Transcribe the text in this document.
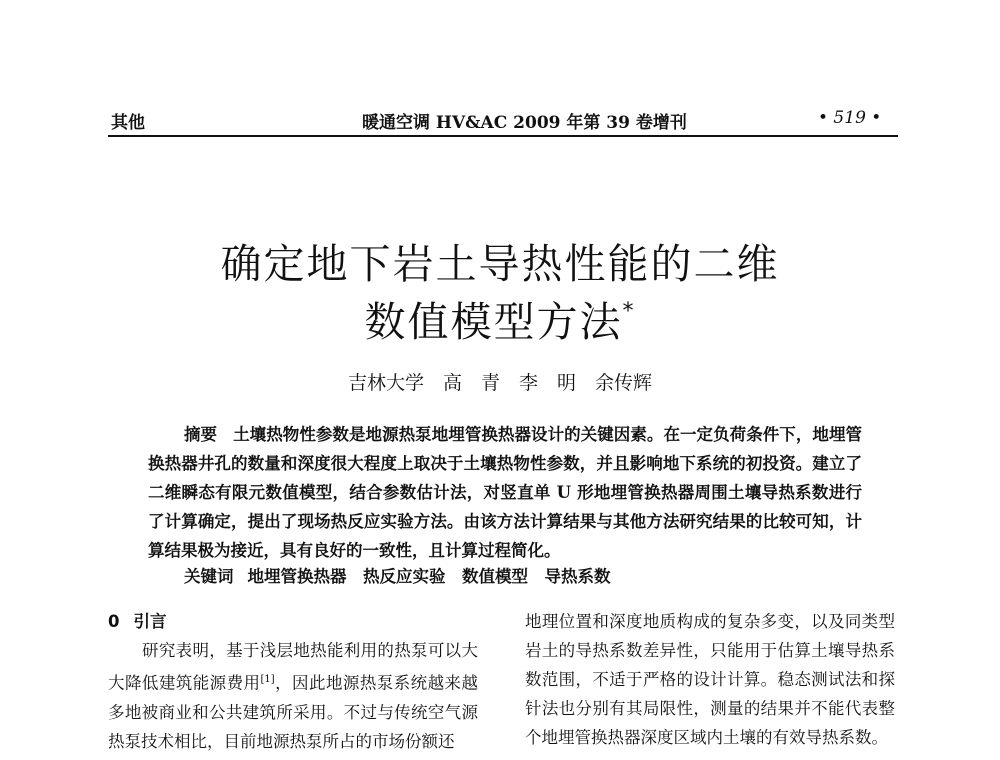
其他	暖通空调 HV&AC 2009 年第 39 卷增刊	• 519 •
确定地下岩土导热性能的二维
数值模型方法*
吉林大学　高　青　李　明　余传辉
摘要 土壤热物性参数是地源热泵地埋管换热器设计的关键因素。在一定负荷条件下，地埋管换热器井孔的数量和深度很大程度上取决于土壤热物性参数，并且影响地下系统的初投资。建立了二维瞬态有限元数值模型，结合参数估计法，对竖直单 U 形地埋管换热器周围土壤导热系数进行了计算确定，提出了现场热反应实验方法。由该方法计算结果与其他方法研究结果的比较可知，计算结果极为接近，具有良好的一致性，且计算过程简化。
关键词 地埋管换热器　热反应实验　数值模型　导热系数
0 引言
研究表明，基于浅层地热能利用的热泵可以大大降低建筑能源费用[1]，因此地源热泵系统越来越多地被商业和公共建筑所采用。不过与传统空气源热泵技术相比，目前地源热泵所占的市场份额还
地理位置和深度地质构成的复杂多变，以及同类型岩土的导热系数差异性，只能用于估算土壤导热系数范围，不适于严格的设计计算。稳态测试法和探针法也分别有其局限性，测量的结果并不能代表整个地埋管换热器深度区域内土壤的有效导热系数。
